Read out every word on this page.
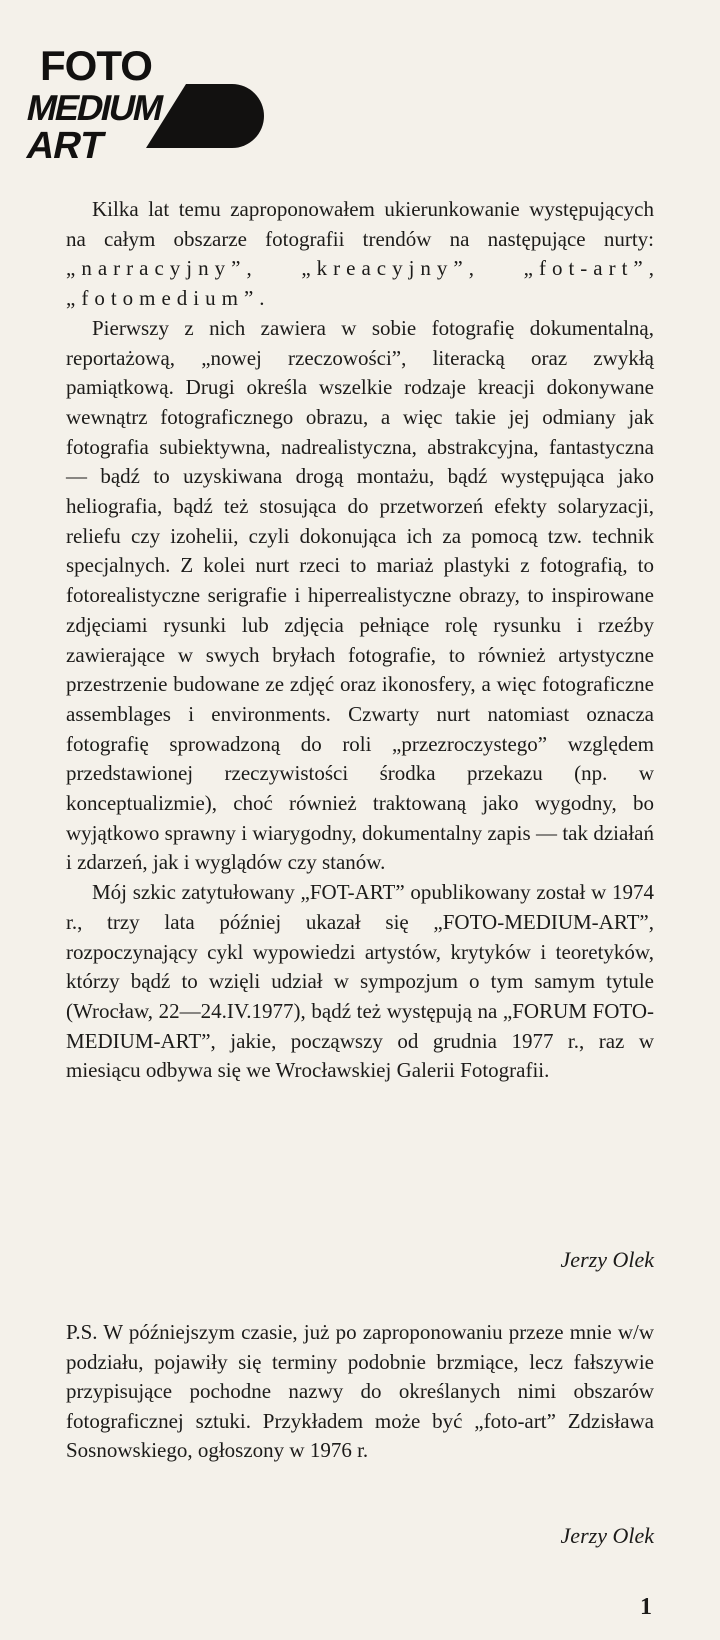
FOTO
MEDIUM
ART

Kilka lat temu zaproponowałem ukierunkowanie występujących na całym obszarze fotografii trendów na następujące nurty: „narracyjny”, „kreacyjny”, „fot-art”, „fotomedium”.

Pierwszy z nich zawiera w sobie fotografię dokumentalną, reportażową, „nowej rzeczowości”, literacką oraz zwykłą pamiątkową. Drugi określa wszelkie rodzaje kreacji dokonywane wewnątrz fotograficznego obrazu, a więc takie jej odmiany jak fotografia subiektywna, nadrealistyczna, abstrakcyjna, fantastyczna — bądź to uzyskiwana drogą montażu, bądź występująca jako heliografia, bądź też stosująca do przetworzeń efekty solaryzacji, reliefu czy izohelii, czyli dokonująca ich za pomocą tzw. technik specjalnych. Z kolei nurt rzeci to mariaż plastyki z fotografią, to fotorealistyczne serigrafie i hiperrealistyczne obrazy, to inspirowane zdjęciami rysunki lub zdjęcia pełniące rolę rysunku i rzeźby zawierające w swych bryłach fotografie, to również artystyczne przestrzenie budowane ze zdjęć oraz ikonosfery, a więc fotograficzne assemblages i environments. Czwarty nurt natomiast oznacza fotografię sprowadzoną do roli „przezroczystego” względem przedstawionej rzeczywistości środka przekazu (np. w konceptualizmie), choć również traktowaną jako wygodny, bo wyjątkowo sprawny i wiarygodny, dokumentalny zapis — tak działań i zdarzeń, jak i wyglądów czy stanów.

Mój szkic zatytułowany „FOT-ART” opublikowany został w 1974 r., trzy lata później ukazał się „FOTO-MEDIUM-ART”, rozpoczynający cykl wypowiedzi artystów, krytyków i teoretyków, którzy bądź to wzięli udział w sympozjum o tym samym tytule (Wrocław, 22—24.IV.1977), bądź też występują na „FORUM FOTO-MEDIUM-ART”, jakie, począwszy od grudnia 1977 r., raz w miesiącu odbywa się we Wrocławskiej Galerii Fotografii.

Jerzy Olek

P.S. W późniejszym czasie, już po zaproponowaniu przeze mnie w/w podziału, pojawiły się terminy podobnie brzmiące, lecz fałszywie przypisujące pochodne nazwy do określanych nimi obszarów fotograficznej sztuki. Przykładem może być „foto-art” Zdzisława Sosnowskiego, ogłoszony w 1976 r.

Jerzy Olek
1
